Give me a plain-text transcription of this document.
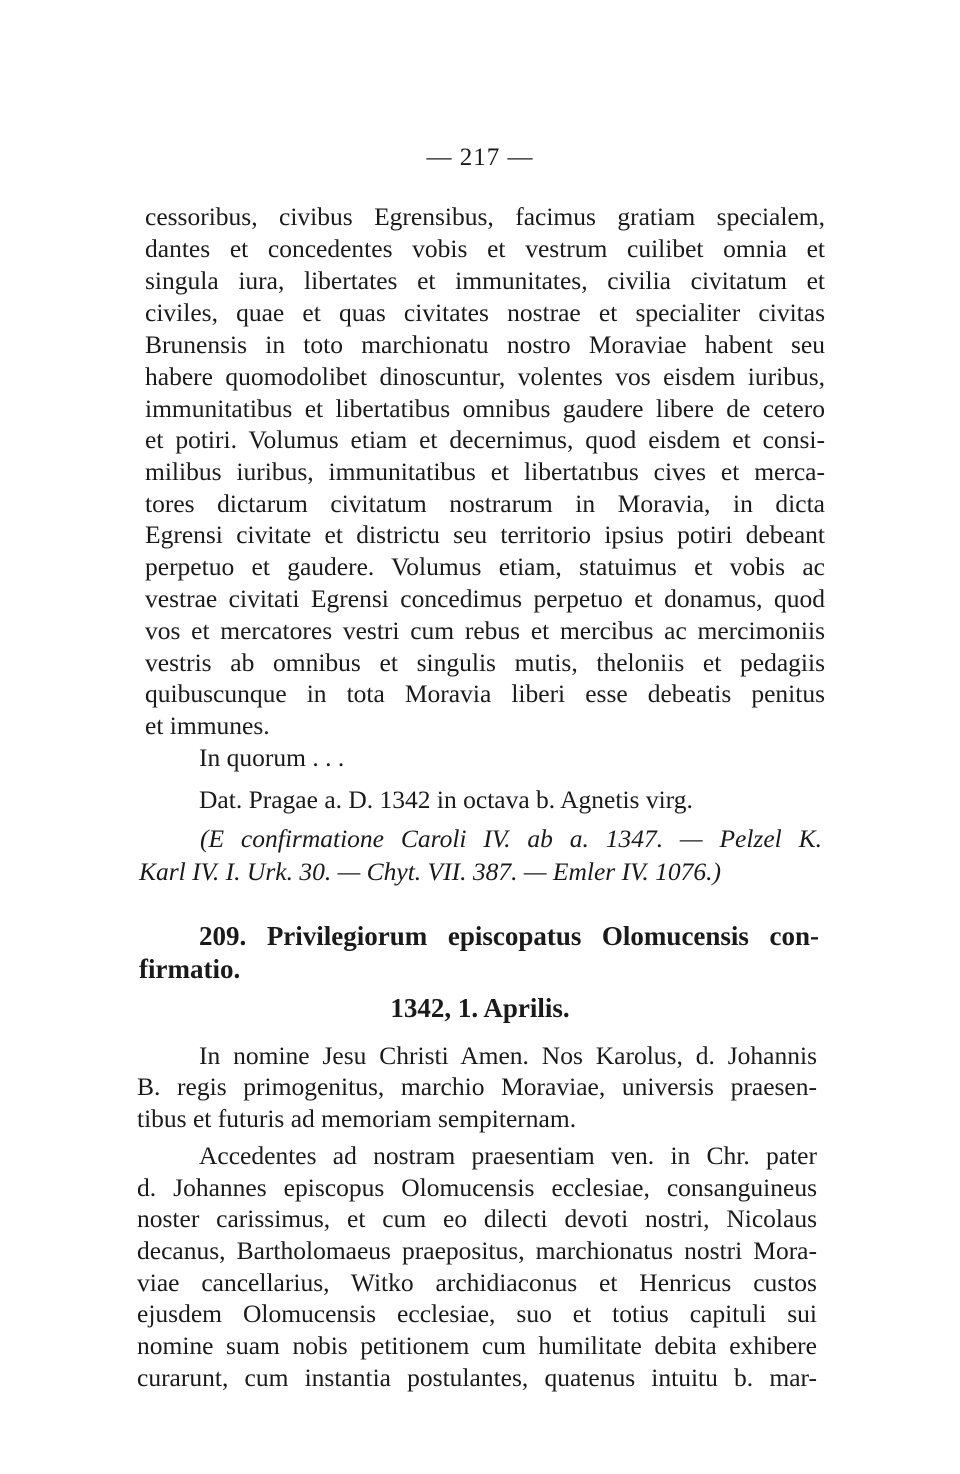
— 217 —
cessoribus, civibus Egrensibus, facimus gratiam specialem,
dantes et concedentes vobis et vestrum cuilibet omnia et
singula iura, libertates et immunitates, civilia civitatum et
civiles, quae et quas civitates nostrae et specialiter civitas
Brunensis in toto marchionatu nostro Moraviae habent seu
habere quomodolibet dinoscuntur, volentes vos eisdem iuribus,
immunitatibus et libertatibus omnibus gaudere libere de cetero
et potiri. Volumus etiam et decernimus, quod eisdem et consi-
milibus iuribus, immunitatibus et libertatıbus cives et merca-
tores dictarum civitatum nostrarum in Moravia, in dicta
Egrensi civitate et districtu seu territorio ipsius potiri debeant
perpetuo et gaudere. Volumus etiam, statuimus et vobis ac
vestrae civitati Egrensi concedimus perpetuo et donamus, quod
vos et mercatores vestri cum rebus et mercibus ac mercimoniis
vestris ab omnibus et singulis mutis, theloniis et pedagiis
quibuscunque in tota Moravia liberi esse debeatis penitus
et immunes.
In quorum . . .
Dat. Pragae a. D. 1342 in octava b. Agnetis virg.
(E confirmatione Caroli IV. ab a. 1347. — Pelzel K.
Karl IV. I. Urk. 30. — Chyt. VII. 387. — Emler IV. 1076.)
209. Privilegiorum episcopatus Olomucensis con-
firmatio.
1342, 1. Aprilis.
In nomine Jesu Christi Amen. Nos Karolus, d. Johannis
B. regis primogenitus, marchio Moraviae, universis praesen-
tibus et futuris ad memoriam sempiternam.
Accedentes ad nostram praesentiam ven. in Chr. pater
d. Johannes episcopus Olomucensis ecclesiae, consanguineus
noster carissimus, et cum eo dilecti devoti nostri, Nicolaus
decanus, Bartholomaeus praepositus, marchionatus nostri Mora-
viae cancellarius, Witko archidiaconus et Henricus custos
ejusdem Olomucensis ecclesiae, suo et totius capituli sui
nomine suam nobis petitionem cum humilitate debita exhibere
curarunt, cum instantia postulantes, quatenus intuitu b. mar-
